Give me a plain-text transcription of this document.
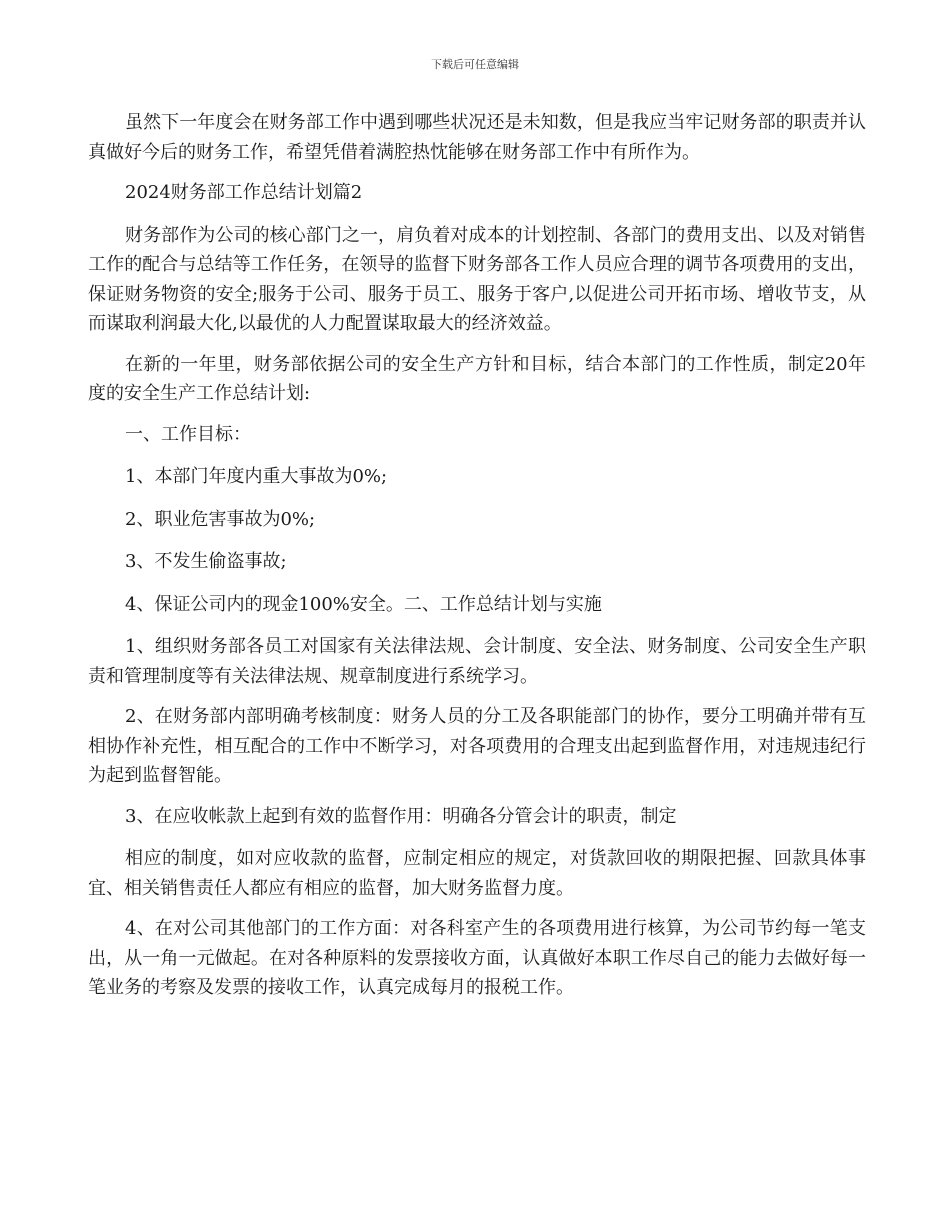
下载后可任意编辑

虽然下一年度会在财务部工作中遇到哪些状况还是未知数，但是我应当牢记财务部的职责并认真做好今后的财务工作，希望凭借着满腔热忱能够在财务部工作中有所作为。

2024财务部工作总结计划篇2

财务部作为公司的核心部门之一，肩负着对成本的计划控制、各部门的费用支出、以及对销售工作的配合与总结等工作任务，在领导的监督下财务部各工作人员应合理的调节各项费用的支出，保证财务物资的安全;服务于公司、服务于员工、服务于客户,以促进公司开拓市场、增收节支，从而谋取利润最大化,以最优的人力配置谋取最大的经济效益。

在新的一年里，财务部依据公司的安全生产方针和目标，结合本部门的工作性质，制定20年度的安全生产工作总结计划:

一、工作目标：

1、本部门年度内重大事故为0%;

2、职业危害事故为0%;

3、不发生偷盗事故;

4、保证公司内的现金100%安全。二、工作总结计划与实施

1、组织财务部各员工对国家有关法律法规、会计制度、安全法、财务制度、公司安全生产职责和管理制度等有关法律法规、规章制度进行系统学习。

2、在财务部内部明确考核制度：财务人员的分工及各职能部门的协作，要分工明确并带有互相协作补充性，相互配合的工作中不断学习，对各项费用的合理支出起到监督作用，对违规违纪行为起到监督智能。

3、在应收帐款上起到有效的监督作用：明确各分管会计的职责，制定

相应的制度，如对应收款的监督，应制定相应的规定，对货款回收的期限把握、回款具体事宜、相关销售责任人都应有相应的监督，加大财务监督力度。

4、在对公司其他部门的工作方面：对各科室产生的各项费用进行核算，为公司节约每一笔支出，从一角一元做起。在对各种原料的发票接收方面，认真做好本职工作尽自己的能力去做好每一笔业务的考察及发票的接收工作，认真完成每月的报税工作。
